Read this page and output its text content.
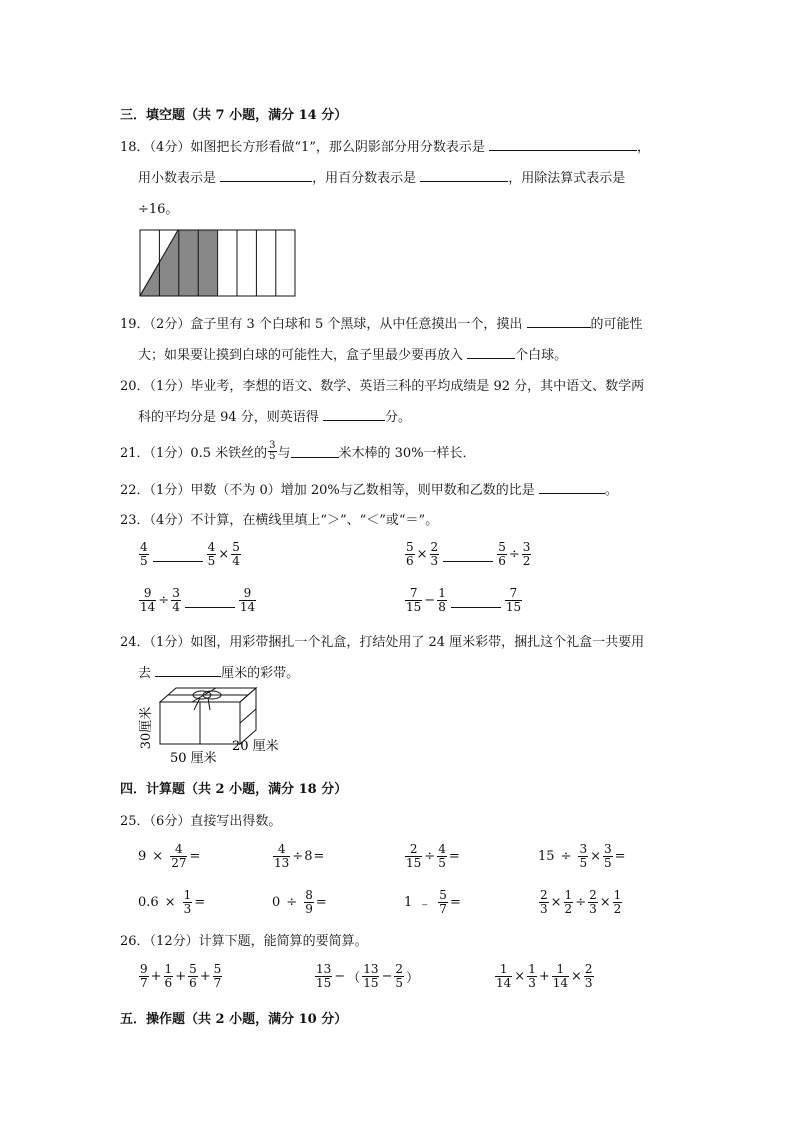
三．填空题（共 7 小题，满分 14 分）
18．（4分）如图把长方形看做“1”，那么阴影部分用分数表示是	，
用小数表示是	，用百分数表示是	，用除法算式表示是
÷16。
19．（2分）盒子里有 3 个白球和 5 个黑球，从中任意摸出一个，摸出	的可能性
大；如果要让摸到白球的可能性大，盒子里最少要再放入	个白球。
20．（1分）毕业考，李想的语文、数学、英语三科的平均成绩是 92 分，其中语文、数学两
科的平均分是 94 分，则英语得	分。
21．（1分）0.5 米铁丝的 $\frac{3}{5}$ 与	米木棒的 30%一样长．
22．（1分）甲数（不为 0）增加 20%与乙数相等，则甲数和乙数的比是	。
23．（4分）不计算，在横线里填上“＞”、“＜”或“＝”。
$\frac{4}{5}$	$\frac{4}{5} \times \frac{5}{4}$	$\frac{5}{6} \times \frac{2}{3}$	$\frac{5}{6} \div \frac{3}{2}$
$\frac{9}{14} \div \frac{3}{4}$	$\frac{9}{14}$	$\frac{7}{15} - \frac{1}{8}$	$\frac{7}{15}$
24．（1分）如图，用彩带捆扎一个礼盒，打结处用了 24 厘米彩带，捆扎这个礼盒一共要用
去	厘米的彩带。
30厘米
50 厘米
20 厘米
四．计算题（共 2 小题，满分 18 分）
25．（6分）直接写出得数。
$9 \times \frac{4}{27}$ =	$\frac{4}{13} \div 8$ =	$\frac{2}{15} \div \frac{4}{5}$ =	$15 \div \frac{3}{5} \times \frac{3}{5}$ =
$0.6 \times \frac{1}{3}$ =	$0 \div \frac{8}{9}$ =	1 ﹣ $\frac{5}{7}$ =	$\frac{2}{3} \times \frac{1}{2} \div \frac{2}{3} \times \frac{1}{2}$
26．（12分）计算下题，能简算的要简算。
$\frac{9}{7} + \frac{1}{6} + \frac{5}{6} + \frac{5}{7}$	$\frac{13}{15}$ − （ $\frac{13}{15} - \frac{2}{5}$ ）	$\frac{1}{14} \times \frac{1}{3} + \frac{1}{14} \times \frac{2}{3}$
五．操作题（共 2 小题，满分 10 分）
